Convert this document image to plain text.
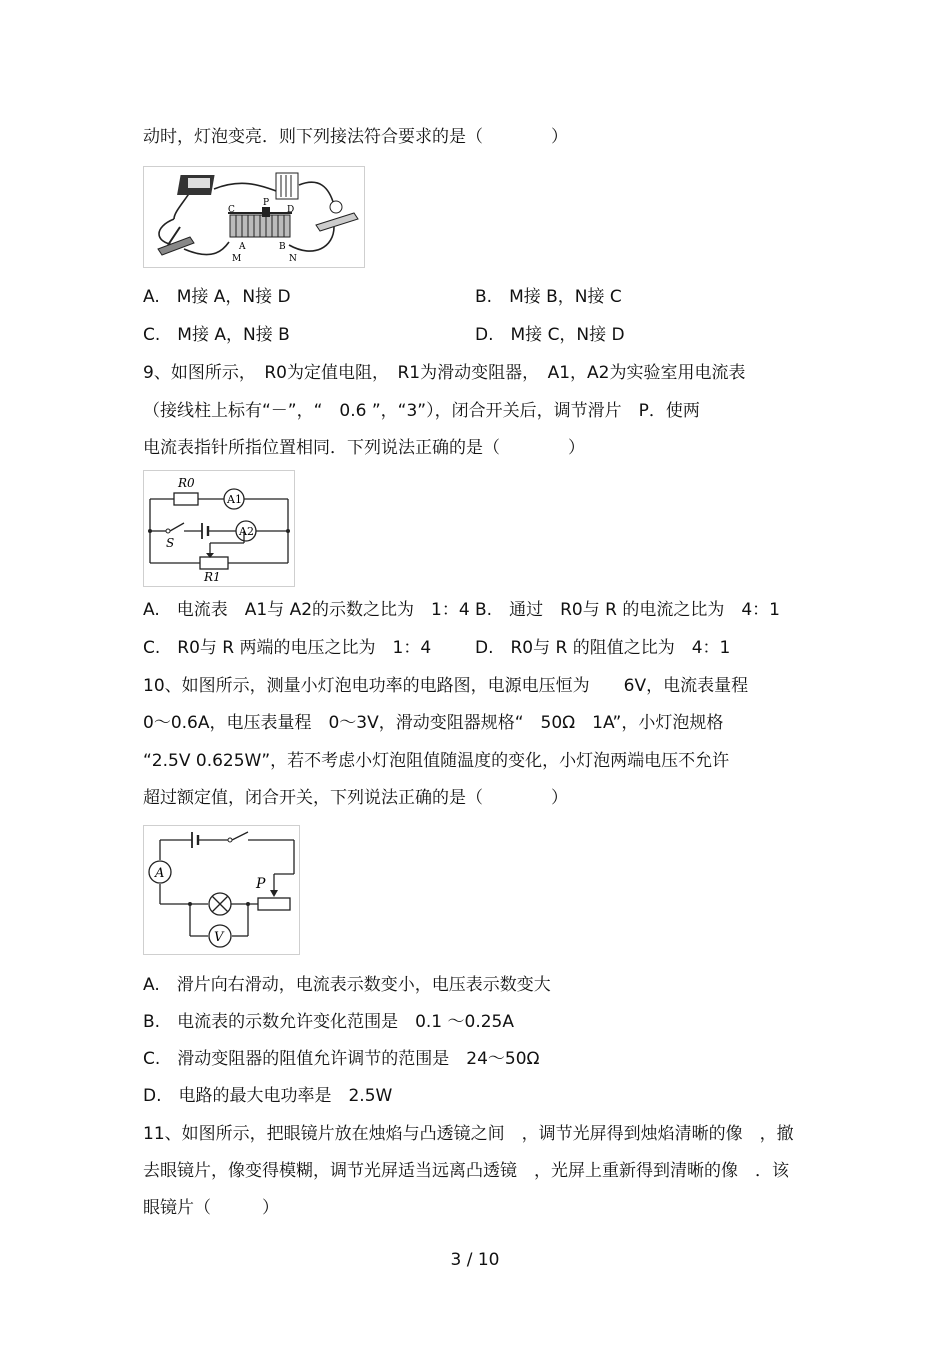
动时，灯泡变亮．则下列接法符合要求的是（　　　　）
C
P
D
A	B
M	N
A.　M接 A，N接 D	B.　M接 B，N接 C
C.　M接 A，N接 B	D.　M接 C，N接 D
9、如图所示，　R0为定值电阻，　R1为滑动变阻器，　A1，A2为实验室用电流表
（接线柱上标有“－”，“　0.6 ”，“3”），闭合开关后，调节滑片　P．使两
电流表指针所指位置相同．下列说法正确的是（　　　　）
R0
A1
A2
S
R1
A.　电流表　A1与 A2的示数之比为　1：4 B.　通过　R0与 R 的电流之比为　4：1
C.　R0与 R 两端的电压之比为　1：4	D.　R0与 R 的阻值之比为　4：1
10、如图所示，测量小灯泡电功率的电路图，电源电压恒为　　6V，电流表量程
0～0.6A，电压表量程　0～3V，滑动变阻器规格“　50Ω　1A”，小灯泡规格
“2.5V 0.625W”，若不考虑小灯泡阻值随温度的变化，小灯泡两端电压不允许
超过额定值，闭合开关，下列说法正确的是（　　　　）
A
P
V
A.　滑片向右滑动，电流表示数变小，电压表示数变大
B.　电流表的示数允许变化范围是　0.1 ～0.25A
C.　滑动变阻器的阻值允许调节的范围是　24～50Ω
D.　电路的最大电功率是　2.5W
11、如图所示，把眼镜片放在烛焰与凸透镜之间　，调节光屏得到烛焰清晰的像　，撤
去眼镜片，像变得模糊，调节光屏适当远离凸透镜　，光屏上重新得到清晰的像　．该
眼镜片（　　　）
3 / 10
